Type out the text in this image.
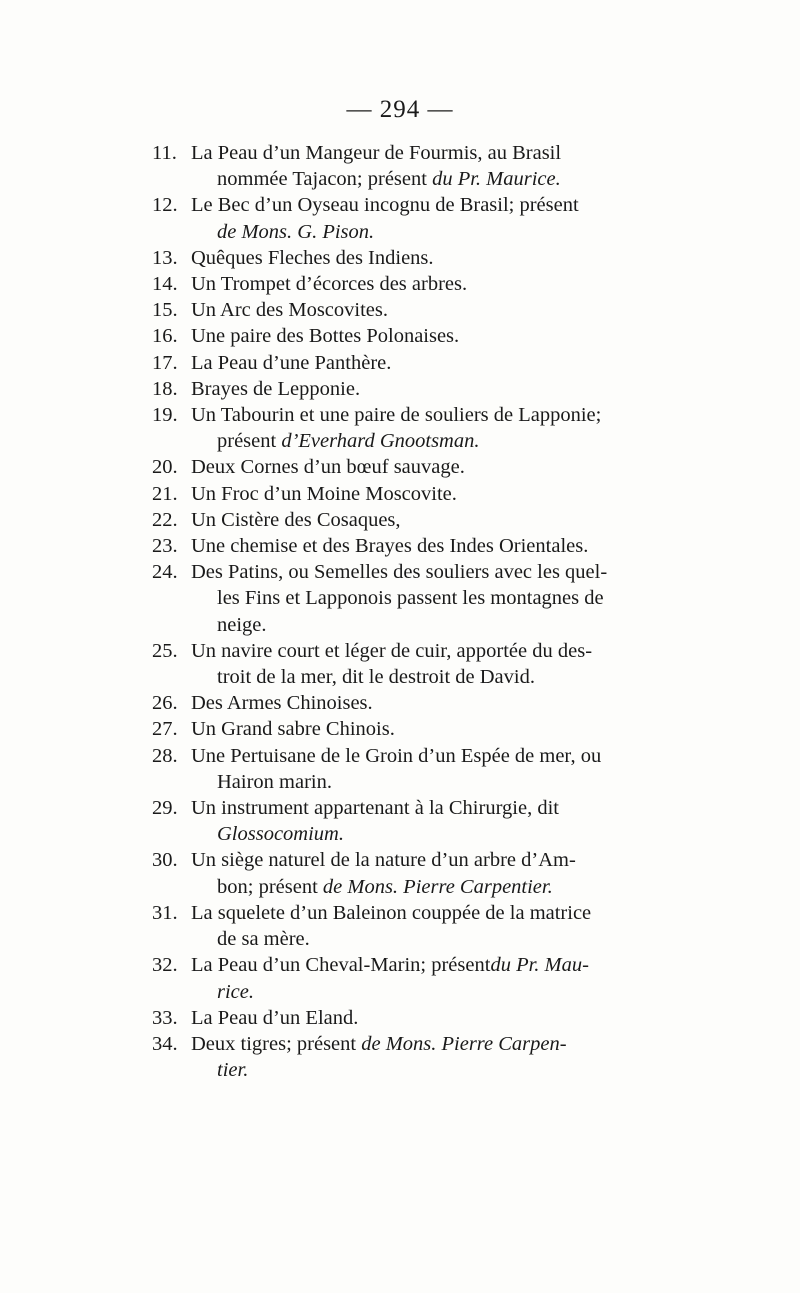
— 294 —
11. La Peau d’un Mangeur de Fourmis, au Brasil
nommée Tajacon; présent du Pr. Maurice.
12. Le Bec d’un Oyseau incognu de Brasil; présent
de Mons. G. Pison.
13. Quêques Fleches des Indiens.
14. Un Trompet d’écorces des arbres.
15. Un Arc des Moscovites.
16. Une paire des Bottes Polonaises.
17. La Peau d’une Panthère.
18. Brayes de Lepponie.
19. Un Tabourin et une paire de souliers de Lapponie;
présent d’Everhard Gnootsman.
20. Deux Cornes d’un bœuf sauvage.
21. Un Froc d’un Moine Moscovite.
22. Un Cistère des Cosaques,
23. Une chemise et des Brayes des Indes Orientales.
24. Des Patins, ou Semelles des souliers avec les quel-
les Fins et Lapponois passent les montagnes de
neige.
25. Un navire court et léger de cuir, apportée du des-
troit de la mer, dit le destroit de David.
26. Des Armes Chinoises.
27. Un Grand sabre Chinois.
28. Une Pertuisane de le Groin d’un Espée de mer, ou
Hairon marin.
29. Un instrument appartenant à la Chirurgie, dit
Glossocomium.
30. Un siège naturel de la nature d’un arbre d’Am-
bon; présent de Mons. Pierre Carpentier.
31. La squelete d’un Baleinon couppée de la matrice
de sa mère.
32. La Peau d’un Cheval-Marin; présentdu Pr. Mau-
rice.
33. La Peau d’un Eland.
34. Deux tigres; présent de Mons. Pierre Carpen-
tier.
